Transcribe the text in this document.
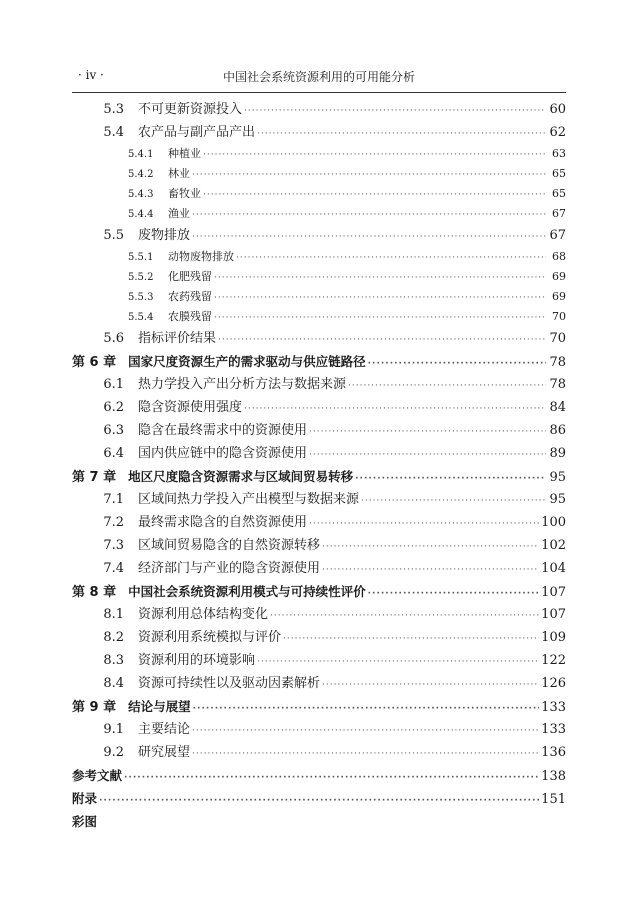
· iv ·	中国社会系统资源利用的可用能分析
5.3 不可更新资源投入 ·····	60
5.4 农产品与副产品产出 ·····	62
5.4.1	种植业 ·····	63
5.4.2	林业 ·····	65
5.4.3	畜牧业 ·····	65
5.4.4	渔业 ·····	67
5.5 废物排放 ·····	67
5.5.1	动物废物排放 ·····	68
5.5.2	化肥残留 ·····	69
5.5.3	农药残留 ·····	69
5.5.4	农膜残留 ·····	70
5.6 指标评价结果 ·····	70
第 6 章 国家尺度资源生产的需求驱动与供应链路径 ·····	78
6.1 热力学投入产出分析方法与数据来源 ·····	78
6.2 隐含资源使用强度 ·····	84
6.3 隐含在最终需求中的资源使用 ·····	86
6.4 国内供应链中的隐含资源使用 ·····	89
第 7 章 地区尺度隐含资源需求与区域间贸易转移 ·····	95
7.1 区域间热力学投入产出模型与数据来源 ·····	95
7.2 最终需求隐含的自然资源使用 ·····	100
7.3 区域间贸易隐含的自然资源转移 ·····	102
7.4 经济部门与产业的隐含资源使用 ·····	104
第 8 章 中国社会系统资源利用模式与可持续性评价 ·····	107
8.1 资源利用总体结构变化 ·····	107
8.2 资源利用系统模拟与评价 ·····	109
8.3 资源利用的环境影响 ·····	122
8.4 资源可持续性以及驱动因素解析 ·····	126
第 9 章 结论与展望 ·····	133
9.1 主要结论 ·····	133
9.2 研究展望 ·····	136
参考文献 ·····	138
附录 ·····	151
彩图
